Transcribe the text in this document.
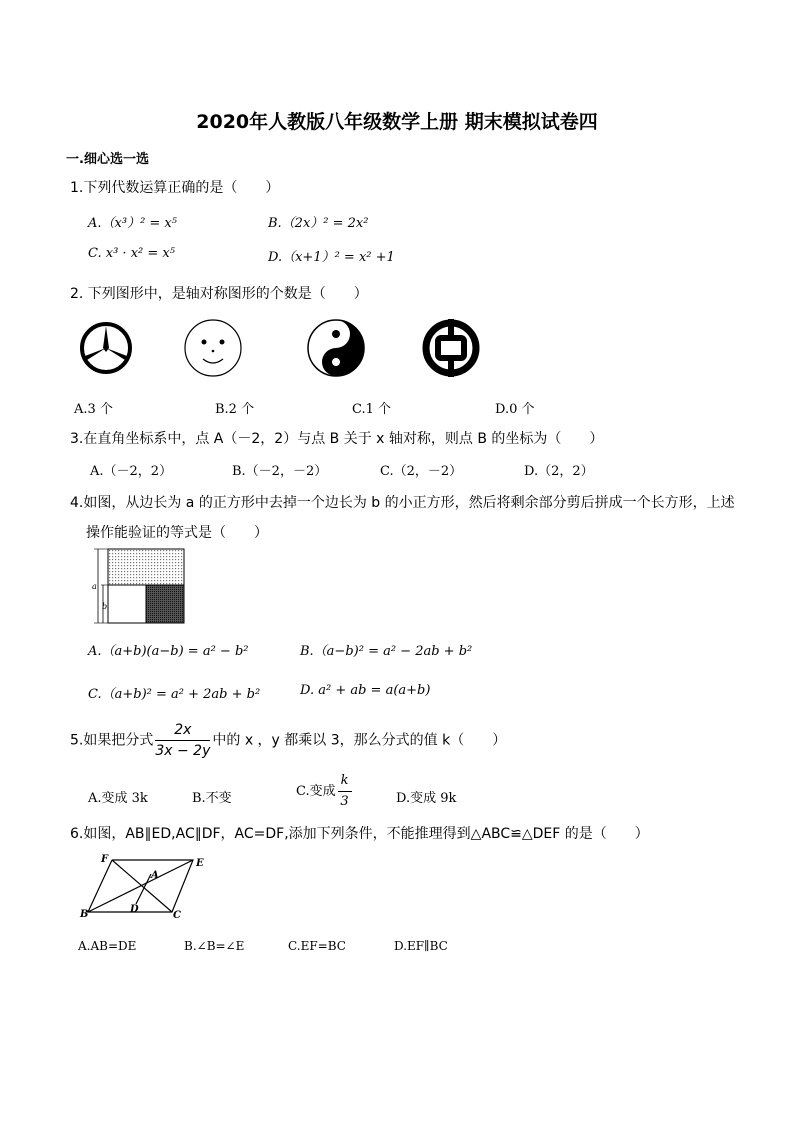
2020年人教版八年级数学上册 期末模拟试卷四
一.细心选一选
1.下列代数运算正确的是（　　）
A.（x³）² = x⁵	B.（2x）² = 2x²
C. x³ · x² = x⁵	D.（x+1）² = x² +1
2. 下列图形中，是轴对称图形的个数是（　　）
A.3 个	B.2 个	C.1 个	D.0 个
3.在直角坐标系中，点 A（－2，2）与点 B 关于 x 轴对称，则点 B 的坐标为（　　）
A.（－2，2）	B.（－2，－2）	C.（2，－2）	D.（2，2）
4.如图，从边长为 a 的正方形中去掉一个边长为 b 的小正方形，然后将剩余部分剪后拼成一个长方形，上述
操作能验证的等式是（　　）
a
b
A.（a+b)(a−b) = a² − b²	B.（a−b)² = a² − 2ab + b²
C.（a+b)² = a² + 2ab + b²	D. a² + ab = a(a+b)
5.如果把分式 $\frac{2x}{3x - 2y}$ 中的 x ，y 都乘以 3，那么分式的值 k（　　）
A.变成 3k	B.不变	C.变成 $\frac{k}{3}$	D.变成 9k
6.如图，AB∥ED,AC∥DF，AC=DF,添加下列条件，不能推理得到△ABC≌△DEF 的是（　　）
F	E
A
D
B	C
A.AB=DE	B.∠B=∠E	C.EF=BC	D.EF∥BC
